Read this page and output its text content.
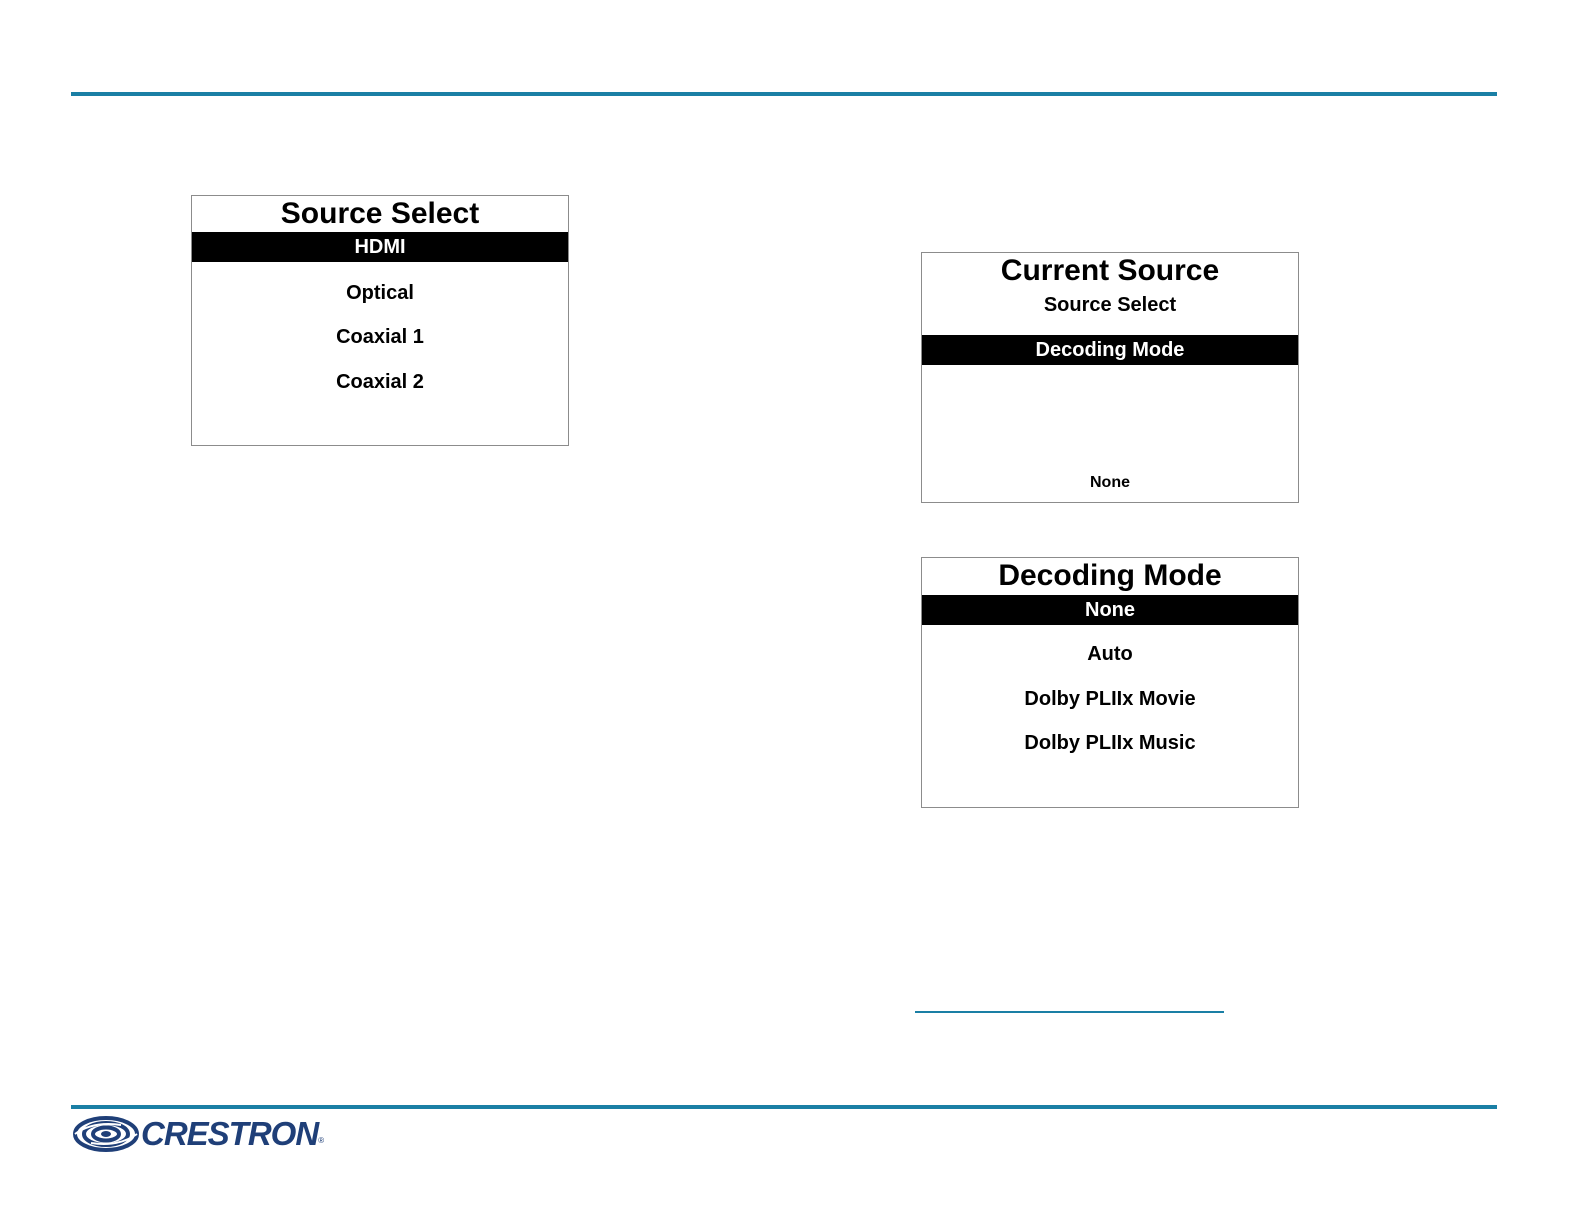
Source Select
HDMI
Optical
Coaxial 1
Coaxial 2
Current Source
Source Select
Decoding Mode
None
Decoding Mode
None
Auto
Dolby PLIIx Movie
Dolby PLIIx Music
CRESTRON ®
